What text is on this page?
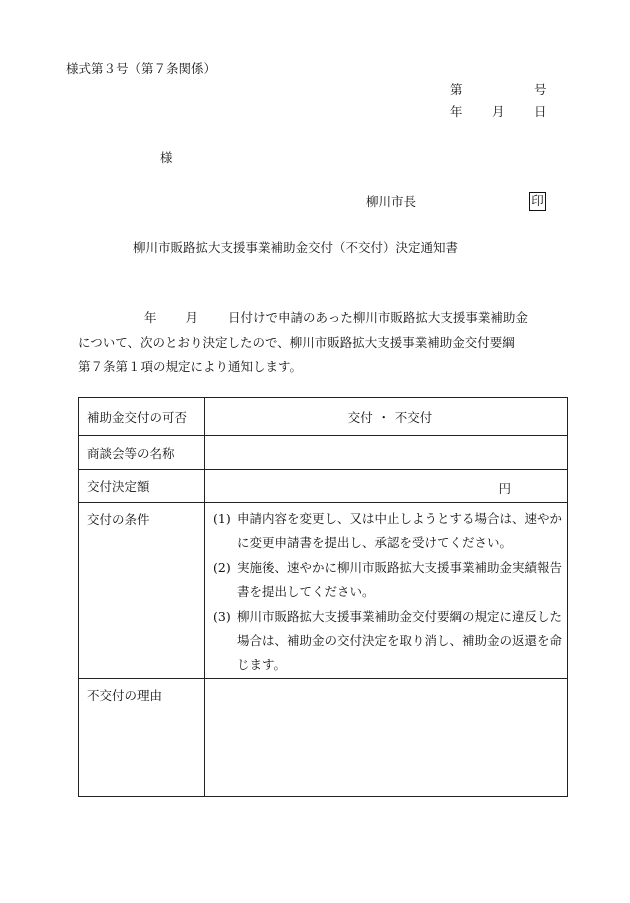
様式第３号（第７条関係）
第	号
年 月 日
様
柳川市長	印
柳川市販路拡大支援事業補助金交付（不交付）決定通知書
年 月 日付けで申請のあった柳川市販路拡大支援事業補助金
について、次のとおり決定したので、柳川市販路拡大支援事業補助金交付要綱
第７条第１項の規定により通知します。
補助金交付の可否	交付 ・ 不交付
商談会等の名称	
交付決定額	円
交付の条件	(1) 申請内容を変更し、又は中止しようとする場合は、速やかに変更申請書を提出し、承認を受けてください。
(2) 実施後、速やかに柳川市販路拡大支援事業補助金実績報告書を提出してください。
(3) 柳川市販路拡大支援事業補助金交付要綱の規定に違反した場合は、補助金の交付決定を取り消し、補助金の返還を命じます。

不交付の理由	
